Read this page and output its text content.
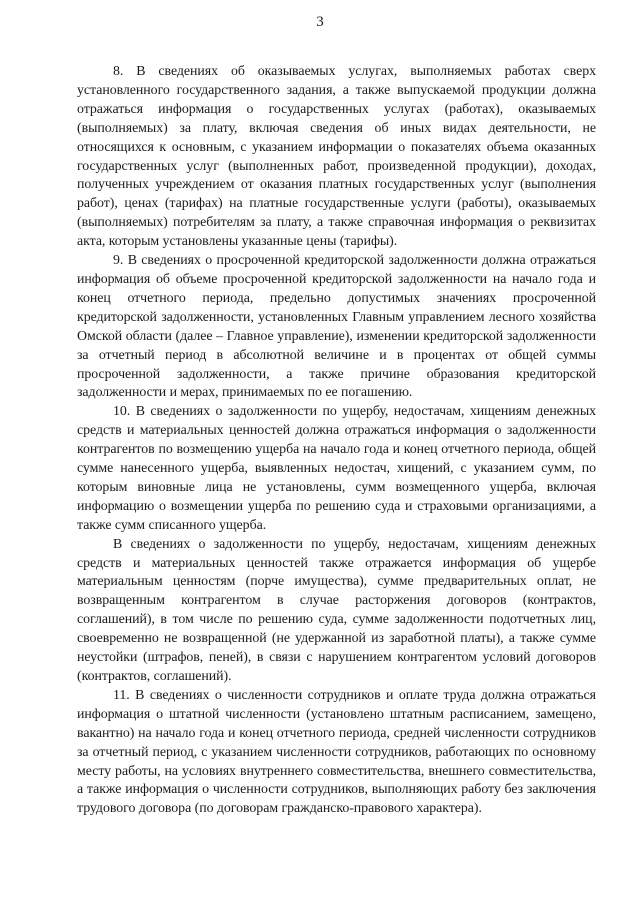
3

8. В сведениях об оказываемых услугах, выполняемых работах сверх установленного государственного задания, а также выпускаемой продукции должна отражаться информация о государственных услугах (работах), оказываемых (выполняемых) за плату, включая сведения об иных видах деятельности, не относящихся к основным, с указанием информации о показателях объема оказанных государственных услуг (выполненных работ, произведенной продукции), доходах, полученных учреждением от оказания платных государственных услуг (выполнения работ), ценах (тарифах) на платные государственные услуги (работы), оказываемых (выполняемых) потребителям за плату, а также справочная информация о реквизитах акта, которым установлены указанные цены (тарифы).

9. В сведениях о просроченной кредиторской задолженности должна отражаться информация об объеме просроченной кредиторской задолженности на начало года и конец отчетного периода, предельно допустимых значениях просроченной кредиторской задолженности, установленных Главным управлением лесного хозяйства Омской области (далее – Главное управление), изменении кредиторской задолженности за отчетный период в абсолютной величине и в процентах от общей суммы просроченной задолженности, а также причине образования кредиторской задолженности и мерах, принимаемых по ее погашению.

10. В сведениях о задолженности по ущербу, недостачам, хищениям денежных средств и материальных ценностей должна отражаться информация о задолженности контрагентов по возмещению ущерба на начало года и конец отчетного периода, общей сумме нанесенного ущерба, выявленных недостач, хищений, с указанием сумм, по которым виновные лица не установлены, сумм возмещенного ущерба, включая информацию о возмещении ущерба по решению суда и страховыми организациями, а также сумм списанного ущерба.

В сведениях о задолженности по ущербу, недостачам, хищениям денежных средств и материальных ценностей также отражается информация об ущербе материальным ценностям (порче имущества), сумме предварительных оплат, не возвращенным контрагентом в случае расторжения договоров (контрактов, соглашений), в том числе по решению суда, сумме задолженности подотчетных лиц, своевременно не возвращенной (не удержанной из заработной платы), а также сумме неустойки (штрафов, пеней), в связи с нарушением контрагентом условий договоров (контрактов, соглашений).

11. В сведениях о численности сотрудников и оплате труда должна отражаться информация о штатной численности (установлено штатным расписанием, замещено, вакантно) на начало года и конец отчетного периода, средней численности сотрудников за отчетный период, с указанием численности сотрудников, работающих по основному месту работы, на условиях внутреннего совместительства, внешнего совместительства, а также информация о численности сотрудников, выполняющих работу без заключения трудового договора (по договорам гражданско-правового характера).
